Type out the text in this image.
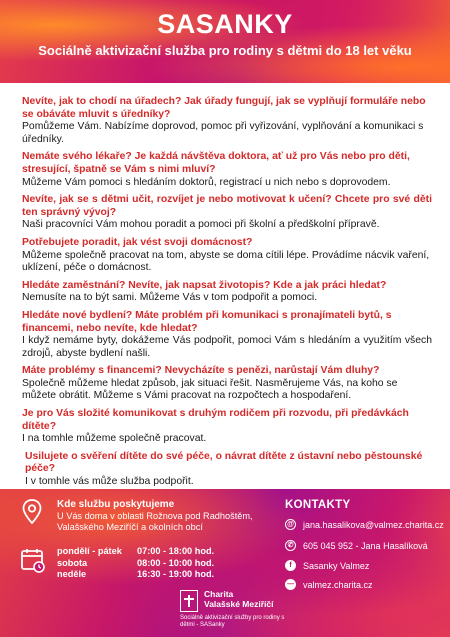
SASANKY
Sociálně aktivizační služba pro rodiny s dětmi do 18 let věku
Nevíte, jak to chodí na úřadech? Jak úřady fungují, jak se vyplňují formuláře nebo se obáváte mluvit s úředníky?
Pomůžeme Vám. Nabízíme doprovod, pomoc při vyřizování, vyplňování a komunikaci s úředníky.
Nemáte svého lékaře? Je každá návštěva doktora, ať už pro Vás nebo pro děti, stresující, špatně se Vám s nimi mluví?
Můžeme Vám pomoci s hledáním doktorů, registrací u nich nebo s doprovodem.
Nevíte, jak se s dětmi učit, rozvíjet je nebo motivovat k učení? Chcete pro své děti ten správný vývoj?
Naši pracovníci Vám mohou poradit a pomoci při školní a předškolní přípravě.
Potřebujete poradit, jak vést svoji domácnost?
Můžeme společně pracovat na tom, abyste se doma cítili lépe. Provádíme nácvik vaření, uklízení, péče o domácnost.
Hledáte zaměstnání? Nevíte, jak napsat životopis? Kde a jak práci hledat?
Nemusíte na to být sami. Můžeme Vás v tom podpořit a pomoci.
Hledáte nové bydlení? Máte problém při komunikaci s pronajímateli bytů, s financemi, nebo nevíte, kde hledat?
I když nemáme byty, dokážeme Vás podpořit, pomoci Vám s hledáním a využitím všech zdrojů, abyste bydlení našli.
Máte problémy s financemi? Nevycházíte s penězi, narůstají Vám dluhy?
Společně můžeme hledat způsob, jak situaci řešit. Nasměrujeme Vás, na koho se můžete obrátit. Můžeme s Vámi pracovat na rozpočtech a hospodaření.
Je pro Vás složité komunikovat s druhým rodičem při rozvodu, při předávkách dítěte?
I na tomhle můžeme společně pracovat.
Usilujete o svěření dítěte do své péče, o návrat dítěte z ústavní nebo pěstounské péče?
I v tomhle vás může služba podpořit.
Kde službu poskytujeme
U Vás doma v oblasti Rožnova pod Radhoštěm, Valašského Meziříčí a okolních obcí
pondělí - pátek	07:00 - 18:00 hod.
sobota	08:00 - 10:00 hod.
neděle	16:30 - 19:00 hod.
KONTAKTY
@ jana.hasalikova@valmez.charita.cz
✆ 605 045 952 - Jana Hasalíková
f	Sasanky Valmez
— valmez.charita.cz
Charita
Valašské Meziříčí
Sociálně aktivizační služby pro rodiny s dětmi - SASanky
